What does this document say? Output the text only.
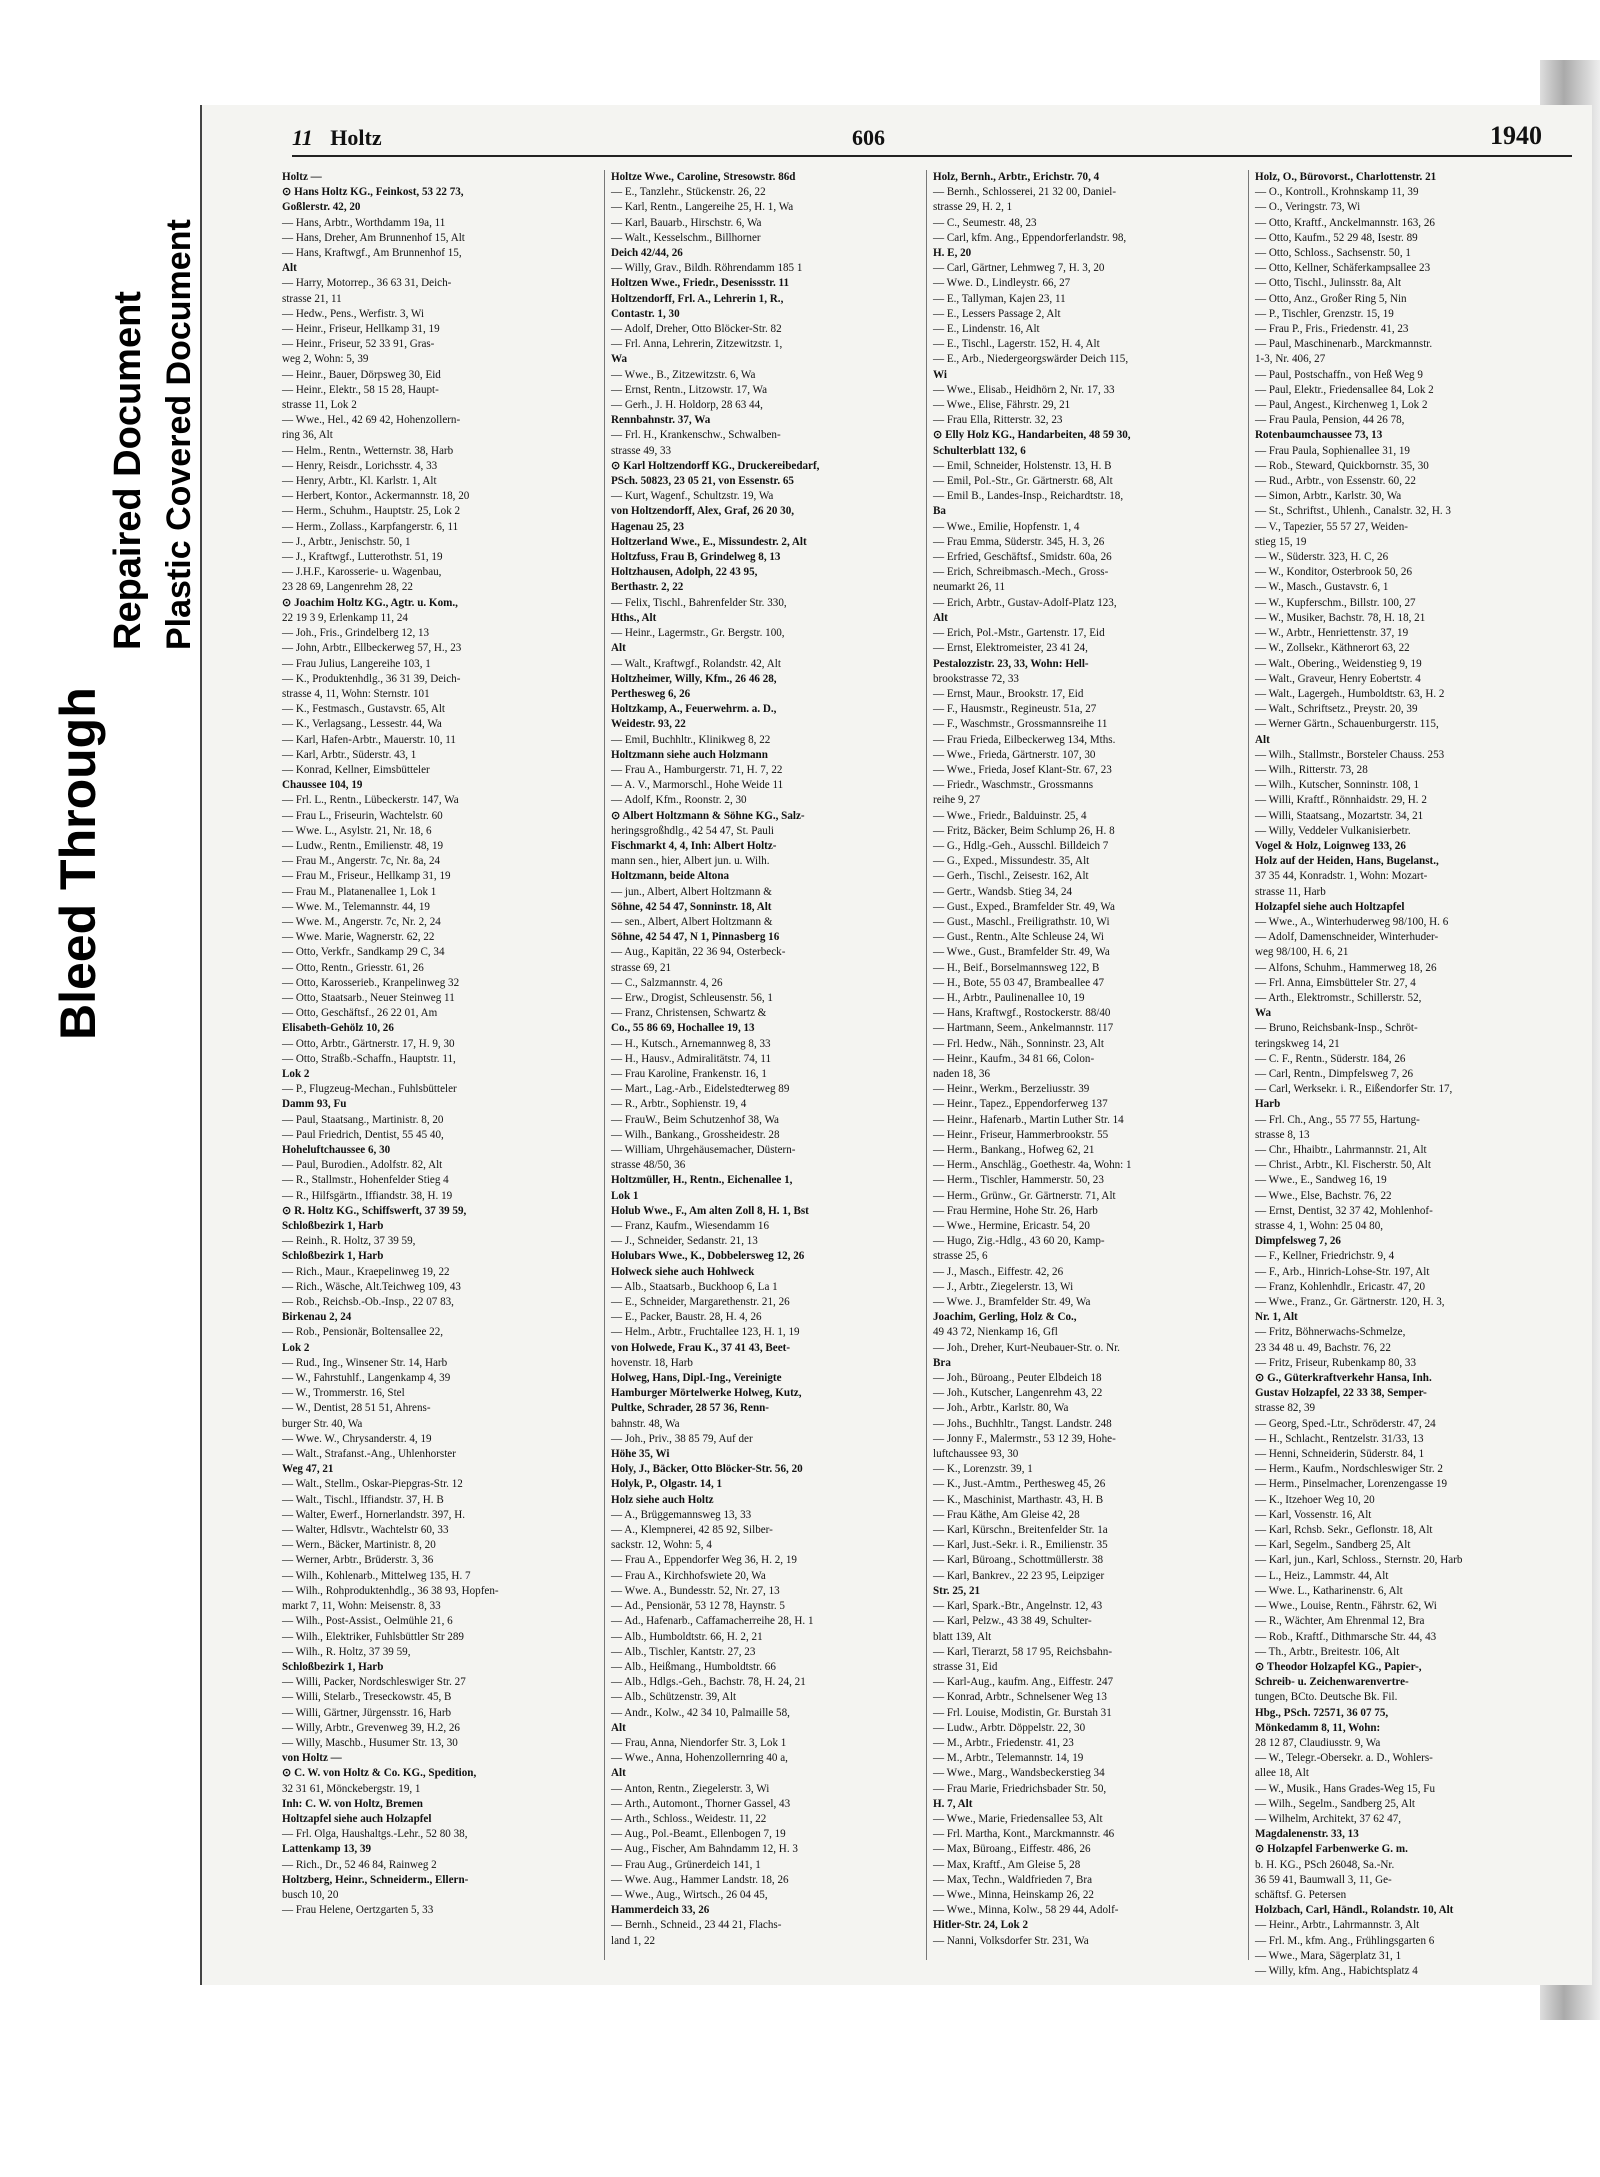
Bleed Through
Repaired Document Plastic Covered Document
11 Holtz	606	1940

Holtz —

⊙ Hans Holtz KG., Feinkost, 53 22 73,

Goßlerstr. 42, 20

— Hans, Arbtr., Worthdamm 19a, 11

— Hans, Dreher, Am Brunnenhof 15, Alt

— Hans, Kraftwgf., Am Brunnenhof 15,

Alt

— Harry, Motorrep., 36 63 31, Deich-

strasse 21, 11

— Hedw., Pens., Werfistr. 3, Wi

— Heinr., Friseur, Hellkamp 31, 19

— Heinr., Friseur, 52 33 91, Gras-

weg 2, Wohn: 5, 39

— Heinr., Bauer, Dörpsweg 30, Eid

— Heinr., Elektr., 58 15 28, Haupt-

strasse 11, Lok 2

— Wwe., Hel., 42 69 42, Hohenzollern-

ring 36, Alt

— Helm., Rentn., Wetternstr. 38, Harb

— Henry, Reisdr., Lorichsstr. 4, 33

— Henry, Arbtr., Kl. Karlstr. 1, Alt

— Herbert, Kontor., Ackermannstr. 18, 20

— Herm., Schuhm., Hauptstr. 25, Lok 2

— Herm., Zollass., Karpfangerstr. 6, 11

— J., Arbtr., Jenischstr. 50, 1

— J., Kraftwgf., Lutterothstr. 51, 19

— J.H.F., Karosserie- u. Wagenbau,

23 28 69, Langenrehm 28, 22

⊙ Joachim Holtz KG., Agtr. u. Kom.,

22 19 3 9, Erlenkamp 11, 24

— Joh., Fris., Grindelberg 12, 13

— John, Arbtr., Ellbeckerweg 57, H., 23

— Frau Julius, Langereihe 103, 1

— K., Produktenhdlg., 36 31 39, Deich-

strasse 4, 11, Wohn: Sternstr. 101

— K., Festmasch., Gustavstr. 65, Alt

— K., Verlagsang., Lessestr. 44, Wa

— Karl, Hafen-Arbtr., Mauerstr. 10, 11

— Karl, Arbtr., Süderstr. 43, 1

— Konrad, Kellner, Eimsbütteler

Chaussee 104, 19

— Frl. L., Rentn., Lübeckerstr. 147, Wa

— Frau L., Friseurin, Wachtelstr. 60

— Wwe. L., Asylstr. 21, Nr. 18, 6

— Ludw., Rentn., Emilienstr. 48, 19

— Frau M., Angerstr. 7c, Nr. 8a, 24

— Frau M., Friseur., Hellkamp 31, 19

— Frau M., Platanenallee 1, Lok 1

— Wwe. M., Telemannstr. 44, 19

— Wwe. M., Angerstr. 7c, Nr. 2, 24

— Wwe. Marie, Wagnerstr. 62, 22

— Otto, Verkfr., Sandkamp 29 C, 34

— Otto, Rentn., Griesstr. 61, 26

— Otto, Karosserieb., Kranpelinweg 32

— Otto, Staatsarb., Neuer Steinweg 11

— Otto, Geschäftsf., 26 22 01, Am

Elisabeth-Gehölz 10, 26

— Otto, Arbtr., Gärtnerstr. 17, H. 9, 30

— Otto, Straßb.-Schaffn., Hauptstr. 11,

Lok 2

— P., Flugzeug-Mechan., Fuhlsbütteler

Damm 93, Fu

— Paul, Staatsang., Martinistr. 8, 20

— Paul Friedrich, Dentist, 55 45 40,

Hoheluftchaussee 6, 30

— Paul, Burodien., Adolfstr. 82, Alt

— R., Stallmstr., Hohenfelder Stieg 4

— R., Hilfsgärtn., Iffiandstr. 38, H. 19

⊙ R. Holtz KG., Schiffswerft, 37 39 59,

Schloßbezirk 1, Harb

— Reinh., R. Holtz, 37 39 59,

Schloßbezirk 1, Harb

— Rich., Maur., Kraepelinweg 19, 22

— Rich., Wäsche, Alt.Teichweg 109, 43

— Rob., Reichsb.-Ob.-Insp., 22 07 83,

Birkenau 2, 24

— Rob., Pensionär, Boltensallee 22,

Lok 2

— Rud., Ing., Winsener Str. 14, Harb

— W., Fahrstuhlf., Langenkamp 4, 39

— W., Trommerstr. 16, Stel

— W., Dentist, 28 51 51, Ahrens-

burger Str. 40, Wa

— Wwe. W., Chrysanderstr. 4, 19

— Walt., Strafanst.-Ang., Uhlenhorster

Weg 47, 21

— Walt., Stellm., Oskar-Piepgras-Str. 12

— Walt., Tischl., Iffiandstr. 37, H. B

— Walter, Ewerf., Hornerlandstr. 397, H.

— Walter, Hdlsvtr., Wachtelstr 60, 33

— Wern., Bäcker, Martinistr. 8, 20

— Werner, Arbtr., Brüderstr. 3, 36

— Wilh., Kohlenarb., Mittelweg 135, H. 7

— Wilh., Rohproduktenhdlg., 36 38 93, Hopfen-

markt 7, 11, Wohn: Meisenstr. 8, 33

— Wilh., Post-Assist., Oelmühle 21, 6

— Wilh., Elektriker, Fuhlsbüttler Str 289

— Wilh., R. Holtz, 37 39 59,

Schloßbezirk 1, Harb

— Willi, Packer, Nordschleswiger Str. 27

— Willi, Stelarb., Treseckowstr. 45, B

— Willi, Gärtner, Jürgensstr. 16, Harb

— Willy, Arbtr., Grevenweg 39, H.2, 26

— Willy, Maschb., Husumer Str. 13, 30

von Holtz —

⊙ C. W. von Holtz & Co. KG., Spedition,

32 31 61, Mönckebergstr. 19, 1

Inh: C. W. von Holtz, Bremen

Holtzapfel siehe auch Holzapfel

— Frl. Olga, Haushaltgs.-Lehr., 52 80 38,

Lattenkamp 13, 39

— Rich., Dr., 52 46 84, Rainweg 2

Holtzberg, Heinr., Schneiderm., Ellern-

busch 10, 20

— Frau Helene, Oertzgarten 5, 33

Holtze Wwe., Caroline, Stresowstr. 86d

— E., Tanzlehr., Stückenstr. 26, 22

— Karl, Rentn., Langereihe 25, H. 1, Wa

— Karl, Bauarb., Hirschstr. 6, Wa

— Walt., Kesselschm., Billhorner

Deich 42/44, 26

— Willy, Grav., Bildh. Röhrendamm 185 1

Holtzen Wwe., Friedr., Desenissstr. 11

Holtzendorff, Frl. A., Lehrerin 1, R.,

Contastr. 1, 30

— Adolf, Dreher, Otto Blöcker-Str. 82

— Frl. Anna, Lehrerin, Zitzewitzstr. 1,

Wa

— Wwe., B., Zitzewitzstr. 6, Wa

— Ernst, Rentn., Litzowstr. 17, Wa

— Gerh., J. H. Holdorp, 28 63 44,

Rennbahnstr. 37, Wa

— Frl. H., Krankenschw., Schwalben-

strasse 49, 33

⊙ Karl Holtzendorff KG., Druckereibedarf,

PSch. 50823, 23 05 21, von Essenstr. 65

— Kurt, Wagenf., Schultzstr. 19, Wa

von Holtzendorff, Alex, Graf, 26 20 30,

Hagenau 25, 23

Holtzerland Wwe., E., Missundestr. 2, Alt

Holtzfuss, Frau B, Grindelweg 8, 13

Holtzhausen, Adolph, 22 43 95,

Berthastr. 2, 22

— Felix, Tischl., Bahrenfelder Str. 330,

Hths., Alt

— Heinr., Lagermstr., Gr. Bergstr. 100,

Alt

— Walt., Kraftwgf., Rolandstr. 42, Alt

Holtzheimer, Willy, Kfm., 26 46 28,

Perthesweg 6, 26

Holtzkamp, A., Feuerwehrm. a. D.,

Weidestr. 93, 22

— Emil, Buchhltr., Klinikweg 8, 22

Holtzmann siehe auch Holzmann

— Frau A., Hamburgerstr. 71, H. 7, 22

— A. V., Marmorschl., Hohe Weide 11

— Adolf, Kfm., Roonstr. 2, 30

⊙ Albert Holtzmann & Söhne KG., Salz-

heringsgroßhdlg., 42 54 47, St. Pauli

Fischmarkt 4, 4, Inh: Albert Holtz-

mann sen., hier, Albert jun. u. Wilh.

Holtzmann, beide Altona

— jun., Albert, Albert Holtzmann &

Söhne, 42 54 47, Sonninstr. 18, Alt

— sen., Albert, Albert Holtzmann &

Söhne, 42 54 47, N 1, Pinnasberg 16

— Aug., Kapitän, 22 36 94, Osterbeck-

strasse 69, 21

— C., Salzmannstr. 4, 26

— Erw., Drogist, Schleusenstr. 56, 1

— Franz, Christensen, Schwartz &

Co., 55 86 69, Hochallee 19, 13

— H., Kutsch., Arnemannweg 8, 33

— H., Hausv., Admiralitätstr. 74, 11

— Frau Karoline, Frankenstr. 16, 1

— Mart., Lag.-Arb., Eidelstedterweg 89

— R., Arbtr., Sophienstr. 19, 4

— FrauW., Beim Schutzenhof 38, Wa

— Wilh., Bankang., Grossheidestr. 28

— William, Uhrgehäusemacher, Düstern-

strasse 48/50, 36

Holtzmüller, H., Rentn., Eichenallee 1,

Lok 1

Holub Wwe., F., Am alten Zoll 8, H. 1, Bst

— Franz, Kaufm., Wiesendamm 16

— J., Schneider, Sedanstr. 21, 13

Holubars Wwe., K., Dobbelersweg 12, 26

Holweck siehe auch Hohlweck

— Alb., Staatsarb., Buckhoop 6, La 1

— E., Schneider, Margarethenstr. 21, 26

— E., Packer, Baustr. 28, H. 4, 26

— Helm., Arbtr., Fruchtallee 123, H. 1, 19

von Holwede, Frau K., 37 41 43, Beet-

hovenstr. 18, Harb

Holweg, Hans, Dipl.-Ing., Vereinigte

Hamburger Mörtelwerke Holweg, Kutz,

Pultke, Schrader, 28 57 36, Renn-

bahnstr. 48, Wa

— Joh., Priv., 38 85 79, Auf der

Höhe 35, Wi

Holy, J., Bäcker, Otto Blöcker-Str. 56, 20

Holyk, P., Olgastr. 14, 1

Holz siehe auch Holtz

— A., Brüggemannsweg 13, 33

— A., Klempnerei, 42 85 92, Silber-

sackstr. 12, Wohn: 5, 4

— Frau A., Eppendorfer Weg 36, H. 2, 19

— Frau A., Kirchhofswiete 20, Wa

— Wwe. A., Bundesstr. 52, Nr. 27, 13

— Ad., Pensionär, 53 12 78, Haynstr. 5

— Ad., Hafenarb., Caffamacherreihe 28, H. 1

— Alb., Humboldtstr. 66, H. 2, 21

— Alb., Tischler, Kantstr. 27, 23

— Alb., Heißmang., Humboldtstr. 66

— Alb., Hdlgs.-Geh., Bachstr. 78, H. 24, 21

— Alb., Schützenstr. 39, Alt

— Andr., Kolw., 42 34 10, Palmaille 58,

Alt

— Frau, Anna, Niendorfer Str. 3, Lok 1

— Wwe., Anna, Hohenzollernring 40 a,

Alt

— Anton, Rentn., Ziegelerstr. 3, Wi

— Arth., Automont., Thorner Gassel, 43

— Arth., Schloss., Weidestr. 11, 22

— Aug., Pol.-Beamt., Ellenbogen 7, 19

— Aug., Fischer, Am Bahndamm 12, H. 3

— Frau Aug., Grünerdeich 141, 1

— Wwe. Aug., Hammer Landstr. 18, 26

— Wwe., Aug., Wirtsch., 26 04 45,

Hammerdeich 33, 26

— Bernh., Schneid., 23 44 21, Flachs-

land 1, 22

Holz, Bernh., Arbtr., Erichstr. 70, 4

— Bernh., Schlosserei, 21 32 00, Daniel-

strasse 29, H. 2, 1

— C., Seumestr. 48, 23

— Carl, kfm. Ang., Eppendorferlandstr. 98,

H. E, 20

— Carl, Gärtner, Lehmweg 7, H. 3, 20

— Wwe. D., Lindleystr. 66, 27

— E., Tallyman, Kajen 23, 11

— E., Lessers Passage 2, Alt

— E., Lindenstr. 16, Alt

— E., Tischl., Lagerstr. 152, H. 4, Alt

— E., Arb., Niedergeorgswärder Deich 115,

Wi

— Wwe., Elisab., Heidhörn 2, Nr. 17, 33

— Wwe., Elise, Fährstr. 29, 21

— Frau Ella, Ritterstr. 32, 23

⊙ Elly Holz KG., Handarbeiten, 48 59 30,

Schulterblatt 132, 6

— Emil, Schneider, Holstenstr. 13, H. B

— Emil, Pol.-Str., Gr. Gärtnerstr. 68, Alt

— Emil B., Landes-Insp., Reichardtstr. 18,

Ba

— Wwe., Emilie, Hopfenstr. 1, 4

— Frau Emma, Süderstr. 345, H. 3, 26

— Erfried, Geschäftsf., Smidstr. 60a, 26

— Erich, Schreibmasch.-Mech., Gross-

neumarkt 26, 11

— Erich, Arbtr., Gustav-Adolf-Platz 123,

Alt

— Erich, Pol.-Mstr., Gartenstr. 17, Eid

— Ernst, Elektromeister, 23 41 24,

Pestalozzistr. 23, 33, Wohn: Hell-

brookstrasse 72, 33

— Ernst, Maur., Brookstr. 17, Eid

— F., Hausmstr., Regineustr. 51a, 27

— F., Waschmstr., Grossmannsreihe 11

— Frau Frieda, Eilbeckerweg 134, Mths.

— Wwe., Frieda, Gärtnerstr. 107, 30

— Wwe., Frieda, Josef Klant-Str. 67, 23

— Friedr., Waschmstr., Grossmanns

reihe 9, 27

— Wwe., Friedr., Balduinstr. 25, 4

— Fritz, Bäcker, Beim Schlump 26, H. 8

— G., Hdlg.-Geh., Ausschl. Billdeich 7

— G., Exped., Missundestr. 35, Alt

— Gerh., Tischl., Zeisestr. 162, Alt

— Gertr., Wandsb. Stieg 34, 24

— Gust., Exped., Bramfelder Str. 49, Wa

— Gust., Maschl., Freiligrathstr. 10, Wi

— Gust., Rentn., Alte Schleuse 24, Wi

— Wwe., Gust., Bramfelder Str. 49, Wa

— H., Beif., Borselmannsweg 122, B

— H., Bote, 55 03 47, Brambeallee 47

— H., Arbtr., Paulinenallee 10, 19

— Hans, Kraftwgf., Rostockerstr. 88/40

— Hartmann, Seem., Ankelmannstr. 117

— Frl. Hedw., Näh., Sonninstr. 23, Alt

— Heinr., Kaufm., 34 81 66, Colon-

naden 18, 36

— Heinr., Werkm., Berzeliusstr. 39

— Heinr., Tapez., Eppendorferweg 137

— Heinr., Hafenarb., Martin Luther Str. 14

— Heinr., Friseur, Hammerbrookstr. 55

— Herm., Bankang., Hofweg 62, 21

— Herm., Anschläg., Goethestr. 4a, Wohn: 1

— Herm., Tischler, Hammerstr. 50, 23

— Herm., Grünw., Gr. Gärtnerstr. 71, Alt

— Frau Hermine, Hohe Str. 26, Harb

— Wwe., Hermine, Ericastr. 54, 20

— Hugo, Zig.-Hdlg., 43 60 20, Kamp-

strasse 25, 6

— J., Masch., Eiffestr. 42, 26

— J., Arbtr., Ziegelerstr. 13, Wi

— Wwe. J., Bramfelder Str. 49, Wa

Joachim, Gerling, Holz & Co.,

49 43 72, Nienkamp 16, Gfl

— Joh., Dreher, Kurt-Neubauer-Str. o. Nr.

Bra

— Joh., Büroang., Peuter Elbdeich 18

— Joh., Kutscher, Langenrehm 43, 22

— Joh., Arbtr., Karlstr. 80, Wa

— Johs., Buchhltr., Tangst. Landstr. 248

— Jonny F., Malermstr., 53 12 39, Hohe-

luftchaussee 93, 30

— K., Lorenzstr. 39, 1

— K., Just.-Amtm., Perthesweg 45, 26

— K., Maschinist, Marthastr. 43, H. B

— Frau Käthe, Am Gleise 42, 28

— Karl, Kürschn., Breitenfelder Str. 1a

— Karl, Just.-Sekr. i. R., Emilienstr. 35

— Karl, Büroang., Schottmüllerstr. 38

— Karl, Bankrev., 22 23 95, Leipziger

Str. 25, 21

— Karl, Spark.-Btr., Angelnstr. 12, 43

— Karl, Pelzw., 43 38 49, Schulter-

blatt 139, Alt

— Karl, Tierarzt, 58 17 95, Reichsbahn-

strasse 31, Eid

— Karl-Aug., kaufm. Ang., Eiffestr. 247

— Konrad, Arbtr., Schnelsener Weg 13

— Frl. Louise, Modistin, Gr. Burstah 31

— Ludw., Arbtr. Döppelstr. 22, 30

— M., Arbtr., Friedenstr. 41, 23

— M., Arbtr., Telemannstr. 14, 19

— Wwe., Marg., Wandsbeckerstieg 34

— Frau Marie, Friedrichsbader Str. 50,

H. 7, Alt

— Wwe., Marie, Friedensallee 53, Alt

— Frl. Martha, Kont., Marckmannstr. 46

— Max, Büroang., Eiffestr. 486, 26

— Max, Kraftf., Am Gleise 5, 28

— Max, Techn., Waldfrieden 7, Bra

— Wwe., Minna, Heinskamp 26, 22

— Wwe., Minna, Kolw., 58 29 44, Adolf-

Hitler-Str. 24, Lok 2

— Nanni, Volksdorfer Str. 231, Wa

Holz, O., Bürovorst., Charlottenstr. 21

— O., Kontroll., Krohnskamp 11, 39

— O., Veringstr. 73, Wi

— Otto, Kraftf., Anckelmannstr. 163, 26

— Otto, Kaufm., 52 29 48, Isestr. 89

— Otto, Schloss., Sachsenstr. 50, 1

— Otto, Kellner, Schäferkampsallee 23

— Otto, Tischl., Julinsstr. 8a, Alt

— Otto, Anz., Großer Ring 5, Nin

— P., Tischler, Grenzstr. 15, 19

— Frau P., Fris., Friedenstr. 41, 23

— Paul, Maschinenarb., Marckmannstr.

1-3, Nr. 406, 27

— Paul, Postschaffn., von Heß Weg 9

— Paul, Elektr., Friedensallee 84, Lok 2

— Paul, Angest., Kirchenweg 1, Lok 2

— Frau Paula, Pension, 44 26 78,

Rotenbaumchaussee 73, 13

— Frau Paula, Sophienallee 31, 19

— Rob., Steward, Quickbornstr. 35, 30

— Rud., Arbtr., von Essenstr. 60, 22

— Simon, Arbtr., Karlstr. 30, Wa

— St., Schriftst., Uhlenh., Canalstr. 32, H. 3

— V., Tapezier, 55 57 27, Weiden-

stieg 15, 19

— W., Süderstr. 323, H. C, 26

— W., Konditor, Osterbrook 50, 26

— W., Masch., Gustavstr. 6, 1

— W., Kupferschm., Billstr. 100, 27

— W., Musiker, Bachstr. 78, H. 18, 21

— W., Arbtr., Henriettenstr. 37, 19

— W., Zollsekr., Käthnerort 63, 22

— Walt., Obering., Weidenstieg 9, 19

— Walt., Graveur, Henry Eobertstr. 4

— Walt., Lagergeh., Humboldtstr. 63, H. 2

— Walt., Schriftsetz., Preystr. 20, 39

— Werner Gärtn., Schauenburgerstr. 115,

Alt

— Wilh., Stallmstr., Borsteler Chauss. 253

— Wilh., Ritterstr. 73, 28

— Wilh., Kutscher, Sonninstr. 108, 1

— Willi, Kraftf., Rönnhaidstr. 29, H. 2

— Willi, Staatsang., Mozartstr. 34, 21

— Willy, Veddeler Vulkanisierbetr.

Vogel & Holz, Loignweg 133, 26

Holz auf der Heiden, Hans, Bugelanst.,

37 35 44, Konradstr. 1, Wohn: Mozart-

strasse 11, Harb

Holzapfel siehe auch Holtzapfel

— Wwe., A., Winterhuderweg 98/100, H. 6

— Adolf, Damenschneider, Winterhuder-

weg 98/100, H. 6, 21

— Alfons, Schuhm., Hammerweg 18, 26

— Frl. Anna, Eimsbütteler Str. 27, 4

— Arth., Elektromstr., Schillerstr. 52,

Wa

— Bruno, Reichsbank-Insp., Schröt-

teringskweg 14, 21

— C. F., Rentn., Süderstr. 184, 26

— Carl, Rentn., Dimpfelsweg 7, 26

— Carl, Werksekr. i. R., Eißendorfer Str. 17,

Harb

— Frl. Ch., Ang., 55 77 55, Hartung-

strasse 8, 13

— Chr., Hhaibtr., Lahrmannstr. 21, Alt

— Christ., Arbtr., Kl. Fischerstr. 50, Alt

— Wwe., E., Sandweg 16, 19

— Wwe., Else, Bachstr. 76, 22

— Ernst, Dentist, 32 37 42, Mohlenhof-

strasse 4, 1, Wohn: 25 04 80,

Dimpfelsweg 7, 26

— F., Kellner, Friedrichstr. 9, 4

— F., Arb., Hinrich-Lohse-Str. 197, Alt

— Franz, Kohlenhdlr., Ericastr. 47, 20

— Wwe., Franz., Gr. Gärtnerstr. 120, H. 3,

Nr. 1, Alt

— Fritz, Böhnerwachs-Schmelze,

23 34 48 u. 49, Bachstr. 76, 22

— Fritz, Friseur, Rubenkamp 80, 33

⊙ G., Güterkraftverkehr Hansa, Inh.

Gustav Holzapfel, 22 33 38, Semper-

strasse 82, 39

— Georg, Sped.-Ltr., Schröderstr. 47, 24

— H., Schlacht., Rentzelstr. 31/33, 13

— Henni, Schneiderin, Süderstr. 84, 1

— Herm., Kaufm., Nordschleswiger Str. 2

— Herm., Pinselmacher, Lorenzengasse 19

— K., Itzehoer Weg 10, 20

— Karl, Vossenstr. 16, Alt

— Karl, Rchsb. Sekr., Geflonstr. 18, Alt

— Karl, Segelm., Sandberg 25, Alt

— Karl, jun., Karl, Schloss., Sternstr. 20, Harb

— L., Heiz., Lammstr. 44, Alt

— Wwe. L., Katharinenstr. 6, Alt

— Wwe., Louise, Rentn., Fährstr. 62, Wi

— R., Wächter, Am Ehrenmal 12, Bra

— Rob., Kraftf., Dithmarsche Str. 44, 43

— Th., Arbtr., Breitestr. 106, Alt

⊙ Theodor Holzapfel KG., Papier-,

Schreib- u. Zeichenwarenvertre-

tungen, BCto. Deutsche Bk. Fil.

Hbg., PSch. 72571, 36 07 75,

Mönkedamm 8, 11, Wohn:

28 12 87, Claudiusstr. 9, Wa

— W., Telegr.-Obersekr. a. D., Wohlers-

allee 18, Alt

— W., Musik., Hans Grades-Weg 15, Fu

— Wilh., Segelm., Sandberg 25, Alt

— Wilhelm, Architekt, 37 62 47,

Magdalenenstr. 33, 13

⊙ Holzapfel Farbenwerke G. m.

b. H. KG., PSch 26048, Sa.-Nr.

36 59 41, Baumwall 3, 11, Ge-

schäftsf. G. Petersen

Holzbach, Carl, Händl., Rolandstr. 10, Alt

— Heinr., Arbtr., Lahrmannstr. 3, Alt

— Frl. M., kfm. Ang., Frühlingsgarten 6

— Wwe., Mara, Sägerplatz 31, 1

— Willy, kfm. Ang., Habichtsplatz 4
